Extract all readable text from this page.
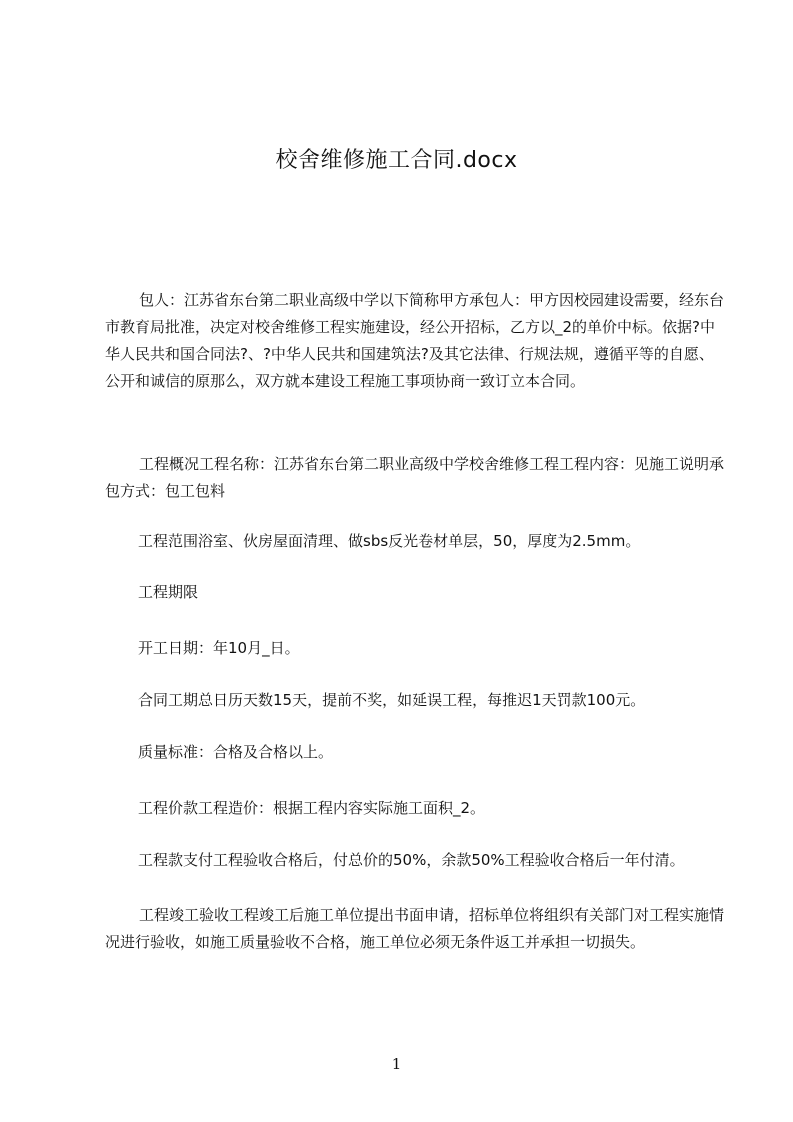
校舍维修施工合同.docx
包人：江苏省东台第二职业高级中学以下简称甲方承包人：甲方因校园建设需要，经东台市教育局批准，决定对校舍维修工程实施建设，经公开招标，乙方以_2的单价中标。依据?中华人民共和国合同法?、?中华人民共和国建筑法?及其它法律、行规法规，遵循平等的自愿、公开和诚信的原那么，双方就本建设工程施工事项协商一致订立本合同。
工程概况工程名称：江苏省东台第二职业高级中学校舍维修工程工程内容：见施工说明承包方式：包工包料
工程范围浴室、伙房屋面清理、做sbs反光卷材单层，50，厚度为2.5mm。
工程期限
开工日期：年10月_日。
合同工期总日历天数15天，提前不奖，如延误工程，每推迟1天罚款100元。
质量标准：合格及合格以上。
工程价款工程造价：根据工程内容实际施工面积_2。
工程款支付工程验收合格后，付总价的50%，余款50%工程验收合格后一年付清。
工程竣工验收工程竣工后施工单位提出书面申请，招标单位将组织有关部门对工程实施情况进行验收，如施工质量验收不合格，施工单位必须无条件返工并承担一切损失。
1
